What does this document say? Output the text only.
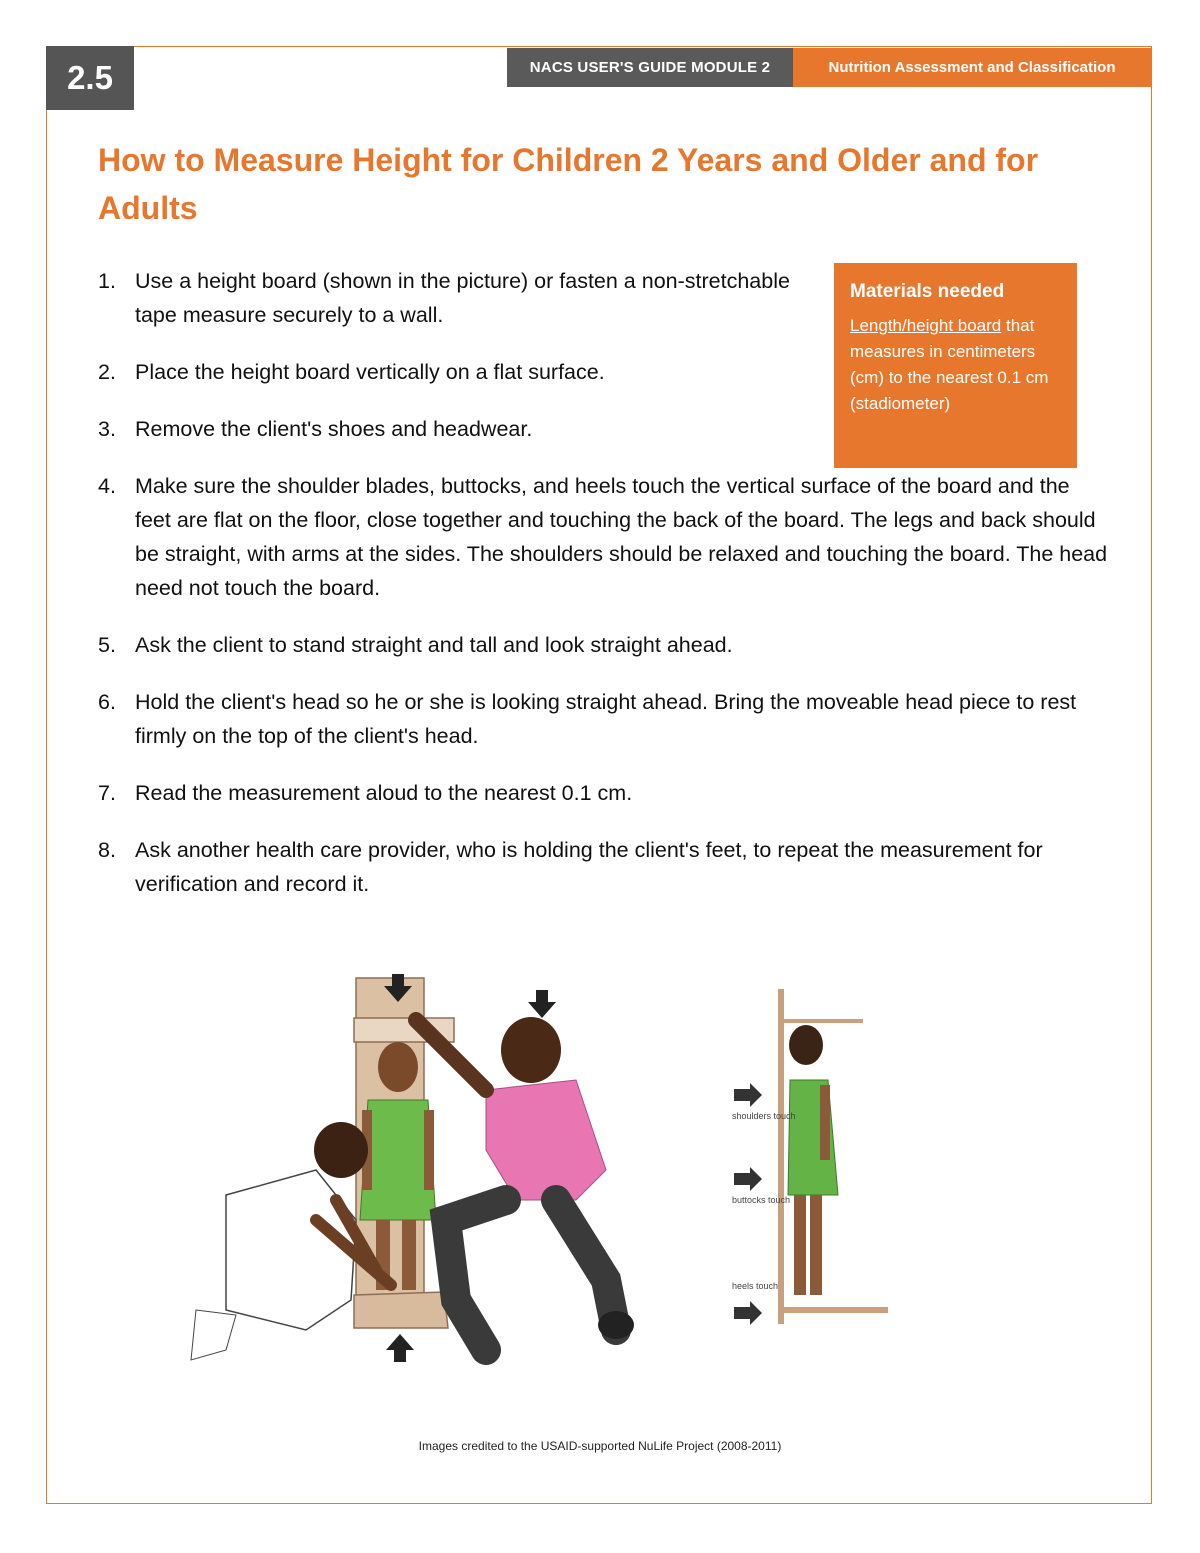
2.5	NACS USER'S GUIDE MODULE 2	Nutrition Assessment and Classification
How to Measure Height for Children 2 Years and Older and for Adults
1. Use a height board (shown in the picture) or fasten a non-stretchable tape measure securely to a wall.
2. Place the height board vertically on a flat surface.
3. Remove the client's shoes and headwear.
4. Make sure the shoulder blades, buttocks, and heels touch the vertical surface of the board and the feet are flat on the floor, close together and touching the back of the board. The legs and back should be straight, with arms at the sides. The shoulders should be relaxed and touching the board. The head need not touch the board.
5. Ask the client to stand straight and tall and look straight ahead.
6. Hold the client's head so he or she is looking straight ahead. Bring the moveable head piece to rest firmly on the top of the client's head.
7. Read the measurement aloud to the nearest 0.1 cm.
8. Ask another health care provider, who is holding the client's feet, to repeat the measurement for verification and record it.
Materials needed
Length/height board that measures in centimeters (cm) to the nearest 0.1 cm (stadiometer)
shoulders touch
buttocks touch
heels touch
Images credited to the USAID-supported NuLife Project (2008-2011)
